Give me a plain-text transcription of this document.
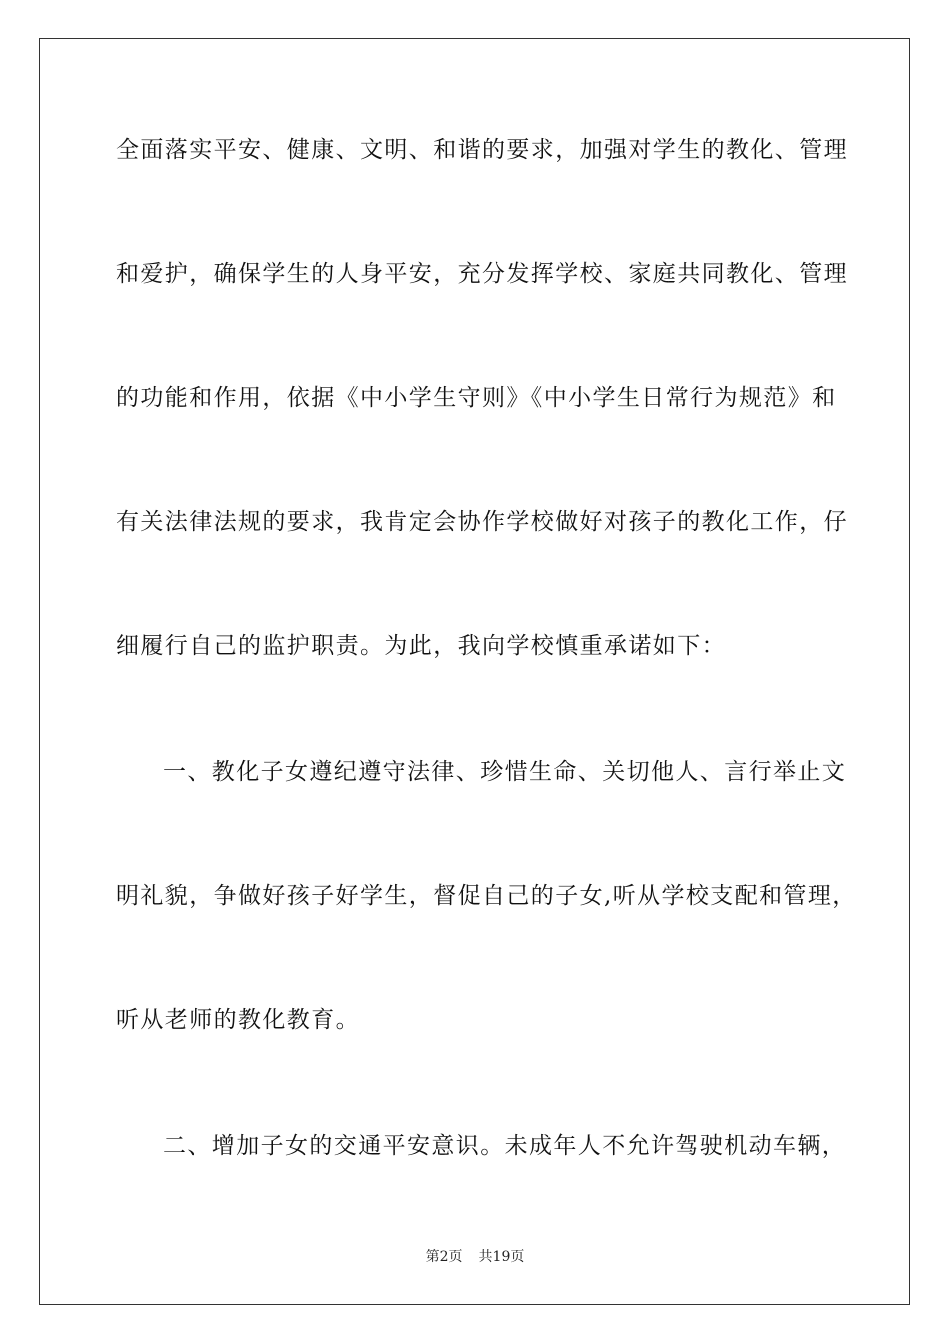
全面落实平安、健康、文明、和谐的要求，加强对学生的教化、管理
和爱护，确保学生的人身平安，充分发挥学校、家庭共同教化、管理
的功能和作用，依据《中小学生守则》《中小学生日常行为规范》和
有关法律法规的要求，我肯定会协作学校做好对孩子的教化工作，仔
细履行自己的监护职责。为此，我向学校慎重承诺如下：
一、教化子女遵纪遵守法律、珍惜生命、关切他人、言行举止文
明礼貌，争做好孩子好学生，督促自己的子女,听从学校支配和管理，
听从老师的教化教育。
二、增加子女的交通平安意识。未成年人不允许驾驶机动车辆，
第2页 共19页
